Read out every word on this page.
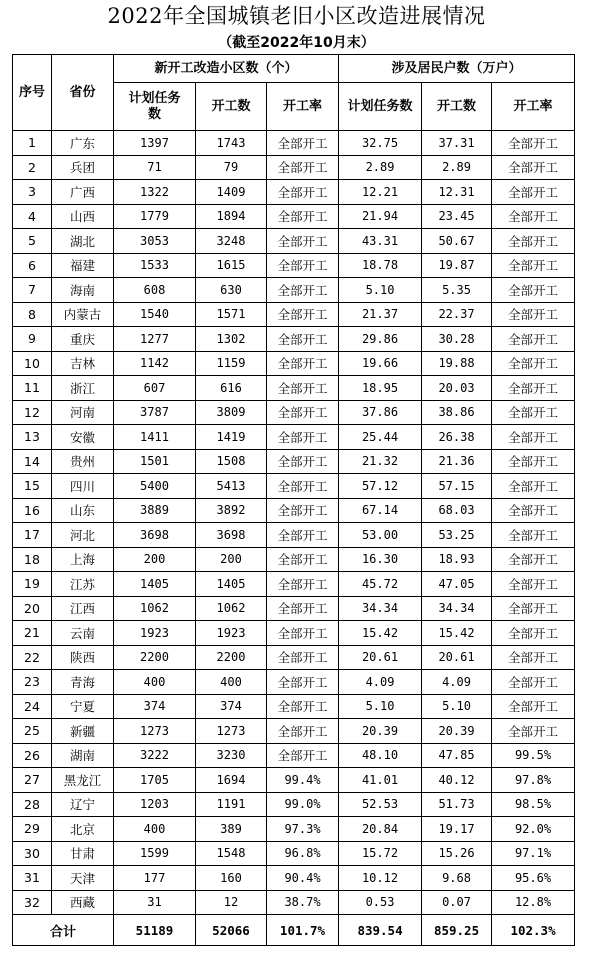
2022年全国城镇老旧小区改造进展情况
（截至2022年10月末）
序号	省份	新开工改造小区数（个）			涉及居民户数（万户）		
		计划任务数	开工数	开工率	计划任务数	开工数	开工率
1	广东	1397	1743	全部开工	32.75	37.31	全部开工
2	兵团	71	79	全部开工	2.89	2.89	全部开工
3	广西	1322	1409	全部开工	12.21	12.31	全部开工
4	山西	1779	1894	全部开工	21.94	23.45	全部开工
5	湖北	3053	3248	全部开工	43.31	50.67	全部开工
6	福建	1533	1615	全部开工	18.78	19.87	全部开工
7	海南	608	630	全部开工	5.10	5.35	全部开工
8	内蒙古	1540	1571	全部开工	21.37	22.37	全部开工
9	重庆	1277	1302	全部开工	29.86	30.28	全部开工
10	吉林	1142	1159	全部开工	19.66	19.88	全部开工
11	浙江	607	616	全部开工	18.95	20.03	全部开工
12	河南	3787	3809	全部开工	37.86	38.86	全部开工
13	安徽	1411	1419	全部开工	25.44	26.38	全部开工
14	贵州	1501	1508	全部开工	21.32	21.36	全部开工
15	四川	5400	5413	全部开工	57.12	57.15	全部开工
16	山东	3889	3892	全部开工	67.14	68.03	全部开工
17	河北	3698	3698	全部开工	53.00	53.25	全部开工
18	上海	200	200	全部开工	16.30	18.93	全部开工
19	江苏	1405	1405	全部开工	45.72	47.05	全部开工
20	江西	1062	1062	全部开工	34.34	34.34	全部开工
21	云南	1923	1923	全部开工	15.42	15.42	全部开工
22	陕西	2200	2200	全部开工	20.61	20.61	全部开工
23	青海	400	400	全部开工	4.09	4.09	全部开工
24	宁夏	374	374	全部开工	5.10	5.10	全部开工
25	新疆	1273	1273	全部开工	20.39	20.39	全部开工
26	湖南	3222	3230	全部开工	48.10	47.85	99.5%
27	黑龙江	1705	1694	99.4%	41.01	40.12	97.8%
28	辽宁	1203	1191	99.0%	52.53	51.73	98.5%
29	北京	400	389	97.3%	20.84	19.17	92.0%
30	甘肃	1599	1548	96.8%	15.72	15.26	97.1%
31	天津	177	160	90.4%	10.12	9.68	95.6%
32	西藏	31	12	38.7%	0.53	0.07	12.8%
合计		51189	52066	101.7%	839.54	859.25	102.3%
